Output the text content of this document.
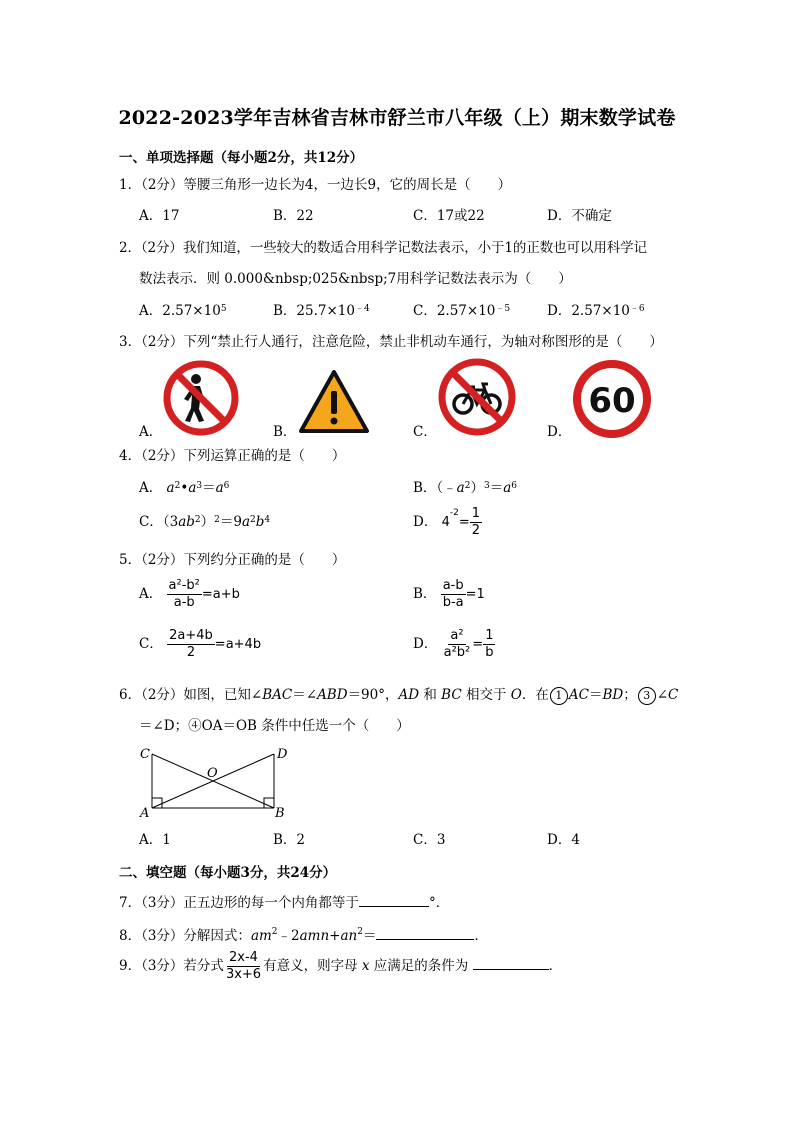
2022-2023学年吉林省吉林市舒兰市八年级（上）期末数学试卷
一、单项选择题（每小题2分，共12分）
1．（2分）等腰三角形一边长为4，一边长9，它的周长是（　　）
A．17	B．22	C．17或22	D．不确定
2．（2分）我们知道，一些较大的数适合用科学记数法表示，小于1的正数也可以用科学记
数法表示．则 0.000&nbsp;025&nbsp;7用科学记数法表示为（　　）
A．$2.57\times 10^5$	B．$25.7\times 10^{﹣4}$	C．$2.57\times 10^{﹣5}$	D．$2.57\times 10^{﹣6}$
3．（2分）下列“禁止行人通行，注意危险，禁止非机动车通行，为轴对称图形的是（　　）
60
A．	B．	C．	D．
4．（2分）下列运算正确的是（　　）
A． $a^2•a^3=a^6$	B．$(﹣a^2)^3=a^6$
C．$(3ab^2)^2=9a^2b^4$	D． $4^{-2}= \frac{1}{2}$
5．（2分）下列约分正确的是（　　）
A． $\frac{\text{a²-b²}}{a-b} =a+b$	B． $\frac{a-b}{b-a} =1$
C． $\frac{2a+4b}{2} =a+4b$	D． $\frac{\text{a²}}{\text{a²b²}} = \frac{1}{b}$
6．（2分）如图，已知∠BAC＝∠ABD＝90°，AD 和 BC 相交于 O．在 1 AC＝BD； 3 ∠C
＝∠D；④OA＝OB 条件中任选一个（　　）
C	D
O
A	B
A．1	B．2	C．3	D．4
二、填空题（每小题3分，共24分）
7．（3分）正五边形的每一个内角都等于	°．
8．（3分）分解因式：$am^2﹣2amn+an^2=$	．
9．（3分）若分式 $\frac{2x-4}{3x+6}$ 有意义，则字母 x 应满足的条件为	．
